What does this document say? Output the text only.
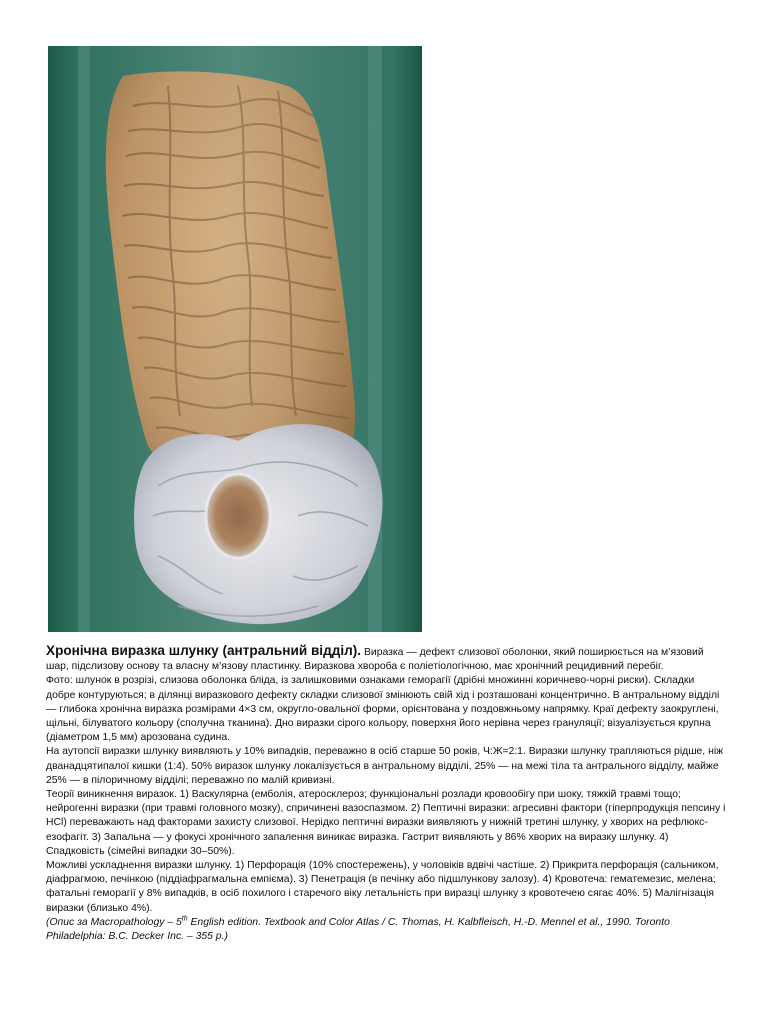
Хронічна виразка шлунку (антральний відділ). Виразка — дефект слизової оболонки, який поширюється на м’язовий шар, підслизову основу та власну м’язову пластинку. Виразкова хвороба є поліетіологічною, має хронічний рецидивний перебіг.

Фото: шлунок в розрізі, слизова оболонка бліда, із залишковими ознаками геморагії (дрібні множинні коричнево-чорні риски). Складки добре контуруються; в ділянці виразкового дефекту складки слизової змінюють свій хід і розташовані концентрично. В антральному відділі — глибока хронічна виразка розмірами 4×3 см, округло-овальної форми, орієнтована у поздовжньому напрямку. Краї дефекту заокруглені, щільні, білуватого кольору (сполучна тканина). Дно виразки сірого кольору, поверхня його нерівна через грануляції; візуалізується крупна (діаметром 1,5 мм) арозована судина.

На аутопсії виразки шлунку виявляють у 10% випадків, переважно в осіб старше 50 років, Ч:Ж=2:1. Виразки шлунку трапляються рідше, ніж дванадцятипалої кишки (1:4). 50% виразок шлунку локалізується в антральному відділі, 25% — на межі тіла та антрального відділу, майже 25% — в пілоричному відділі; переважно по малій кривизні.

Теорії виникнення виразок. 1) Васкулярна (емболія, атеросклероз; функціональні розлади кровообігу при шоку, тяжкій травмі тощо; нейрогенні виразки (при травмі головного мозку), спричинені вазоспазмом. 2) Пептичні виразки: агресивні фактори (гіперпродукція пепсину і HCl) переважають над факторами захисту слизової. Нерідко пептичні виразки виявляють у нижній третині шлунку, у хворих на рефлюкс-езофагіт. 3) Запальна — у фокусі хронічного запалення виникає виразка. Гастрит виявляють у 86% хворих на виразку шлунку. 4) Спадковість (сімейні випадки 30–50%).

Можливі ускладнення виразки шлунку. 1) Перфорація (10% спостережень), у чоловіків вдвічі частіше. 2) Прикрита перфорація (сальником, діафрагмою, печінкою (піддіафрагмальна емпієма). 3) Пенетрація (в печінку або підшлункову залозу). 4) Кровотеча: гематемезис, мелена; фатальні геморагії у 8% випадків, в осіб похилого і старечого віку летальність при виразці шлунку з кровотечею сягає 40%. 5) Малігнізація виразки (близько 4%).

(Опис за Macropathology – 5th English edition. Textbook and Color Atlas / C. Thomas, H. Kalbfleisch, H.-D. Mennel et al., 1990. Toronto Philadelphia: B.C. Decker Inc. – 355 р.)
